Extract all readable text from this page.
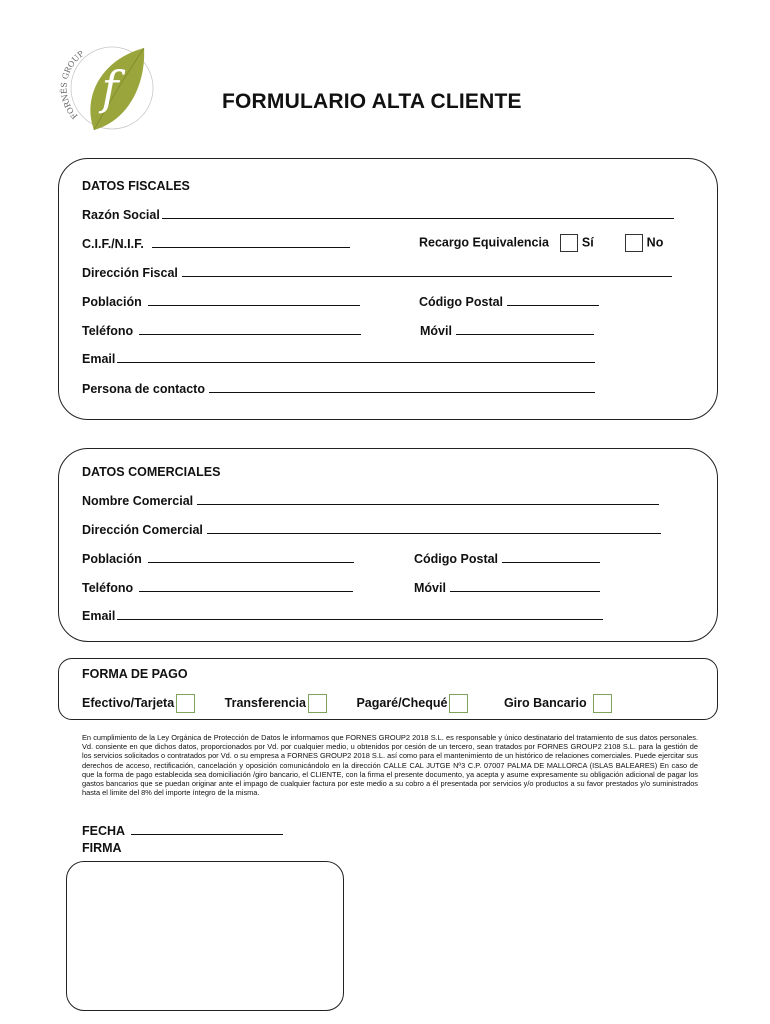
f
FORNÉS GROUP
FORMULARIO ALTA CLIENTE
DATOS FISCALES
Razón Social
C.I.F./N.I.F.	Recargo Equivalencia	Sí	No
Dirección Fiscal
Población	Código Postal
Teléfono	Móvil
Email
Persona de contacto
DATOS COMERCIALES
Nombre Comercial
Dirección Comercial
Población	Código Postal
Teléfono	Móvil
Email
FORMA DE PAGO
Efectivo/Tarjeta	Transferencia	Pagaré/Chequé	Giro Bancario
En cumplimiento de la Ley Orgánica de Protección de Datos le informamos que FORNES GROUP2 2018 S.L. es responsable y único destinatario del tratamiento de sus datos personales. Vd. consiente en que dichos datos, proporcionados por Vd. por cualquier medio, u obtenidos por cesión de un tercero, sean tratados por FORNES GROUP2 2108 S.L. para la gestión de los servicios solicitados o contratados por Vd. o su empresa a FORNES GROUP2 2018 S.L. así como para el mantenimiento de un histórico de relaciones comerciales. Puede ejercitar sus derechos de acceso, rectificación, cancelación y oposición comunicándolo en la dirección CALLE CAL JUTGE Nº3 C.P. 07007 PALMA DE MALLORCA (ISLAS BALEARES) En caso de que la forma de pago establecida sea domiciliación /giro bancario, el CLIENTE, con la firma el presente documento, ya acepta y asume expresamente su obligación adicional de pagar los gastos bancarios que se puedan originar ante el impago de cualquier factura por este medio a su cobro a él presentada por servicios y/o productos a su favor prestados y/o suministrados hasta el limite del 8% del importe íntegro de la misma.
FECHA
FIRMA
